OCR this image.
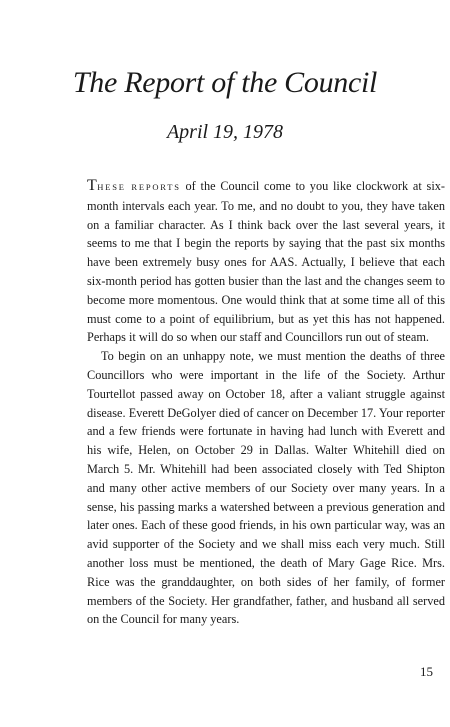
The Report of the Council
April 19, 1978

THESE REPORTS of the Council come to you like clockwork at six-month intervals each year. To me, and no doubt to you, they have taken on a familiar character. As I think back over the last several years, it seems to me that I begin the reports by saying that the past six months have been extremely busy ones for AAS. Actually, I believe that each six-month period has gotten busier than the last and the changes seem to become more momentous. One would think that at some time all of this must come to a point of equilibrium, but as yet this has not happened. Perhaps it will do so when our staff and Councillors run out of steam.

To begin on an unhappy note, we must mention the deaths of three Councillors who were important in the life of the Society. Arthur Tourtellot passed away on October 18, after a valiant struggle against disease. Everett DeGolyer died of cancer on December 17. Your reporter and a few friends were fortunate in having had lunch with Everett and his wife, Helen, on October 29 in Dallas. Walter Whitehill died on March 5. Mr. Whitehill had been associated closely with Ted Shipton and many other active members of our Society over many years. In a sense, his passing marks a watershed between a previous generation and later ones. Each of these good friends, in his own particular way, was an avid supporter of the Society and we shall miss each very much. Still another loss must be mentioned, the death of Mary Gage Rice. Mrs. Rice was the granddaughter, on both sides of her family, of former members of the Society. Her grandfather, father, and husband all served on the Council for many years.

15
